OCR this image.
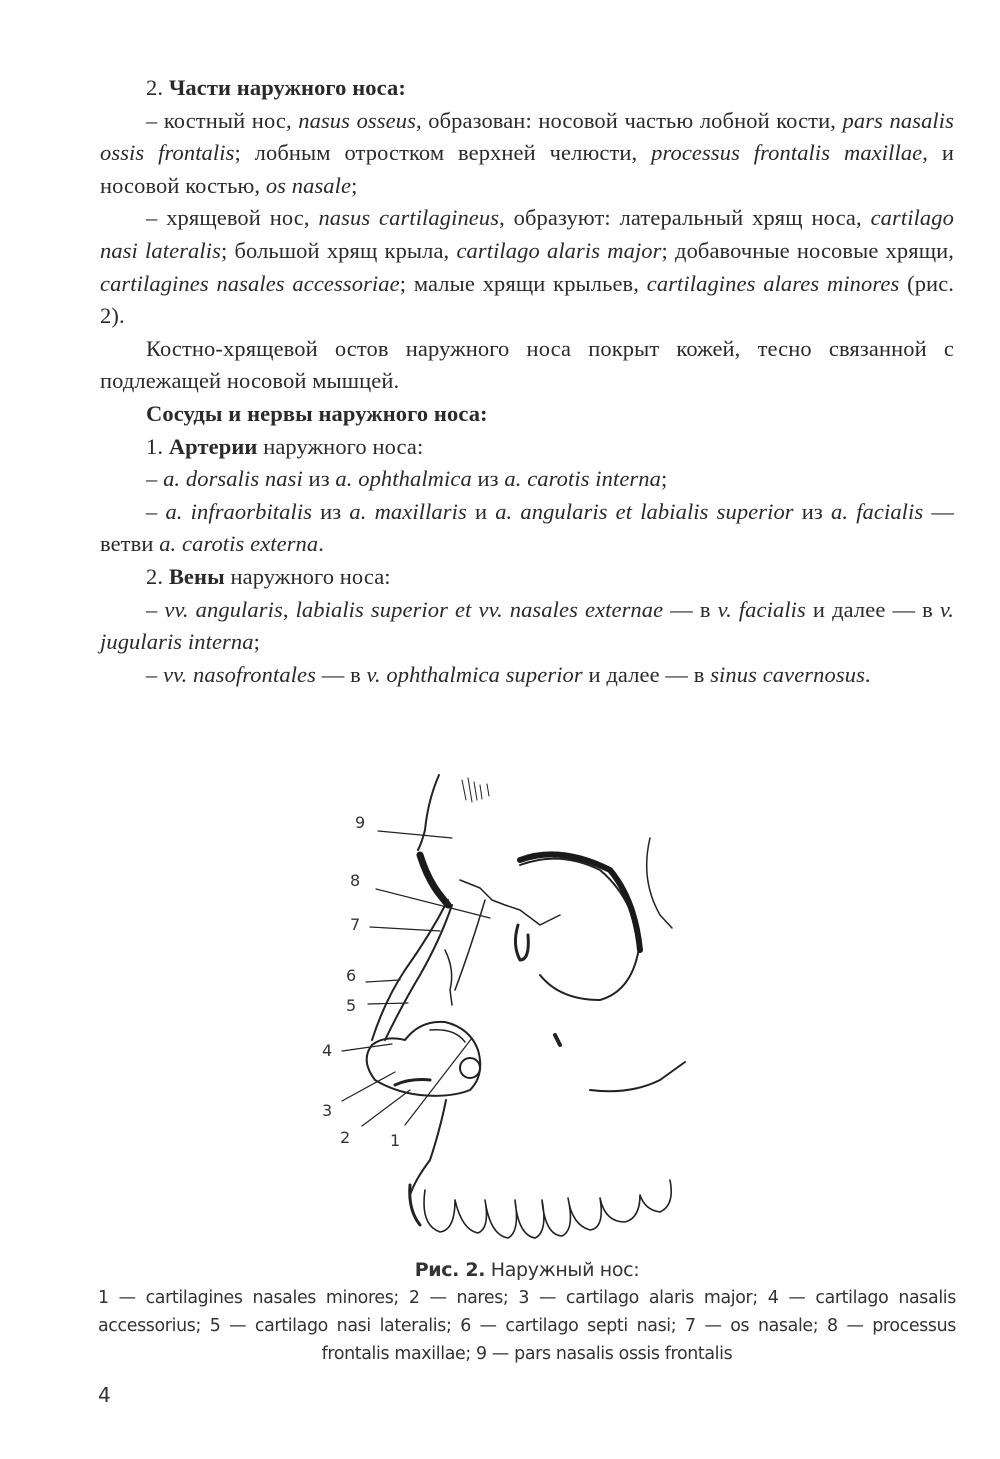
2. Части наружного носа:

– костный нос, nasus osseus, образован: носовой частью лобной кости, pars nasalis ossis frontalis; лобным отростком верхней челюсти, processus frontalis maxillae, и носовой костью, os nasale;

– хрящевой нос, nasus cartilagineus, образуют: латеральный хрящ носа, cartilago nasi lateralis; большой хрящ крыла, cartilago alaris major; добавочные носовые хрящи, cartilagines nasales accessoriae; малые хрящи крыльев, cartilagines alares minores (рис. 2).

Костно-хрящевой остов наружного носа покрыт кожей, тесно связанной с подлежащей носовой мышцей.

Сосуды и нервы наружного носа:

1. Артерии наружного носа:

– a. dorsalis nasi из a. ophthalmica из a. carotis interna;

– a. infraorbitalis из a. maxillaris и a. angularis et labialis superior из a. facialis — ветви a. carotis externa.

2. Вены наружного носа:

– vv. angularis, labialis superior et vv. nasales externae — в v. facialis и далее — в v. jugularis interna;

– vv. nasofrontales — в v. ophthalmica superior и далее — в sinus cavernosus.

9
8
7
6
5
4
3
2 1
Рис. 2. Наружный нос:
1 — cartilagines nasales minores; 2 — nares; 3 — cartilago alaris major; 4 — cartilago nasalis accessorius; 5 — cartilago nasi lateralis; 6 — cartilago septi nasi; 7 — os nasale; 8 — processus frontalis maxillae; 9 — pars nasalis ossis frontalis
4
